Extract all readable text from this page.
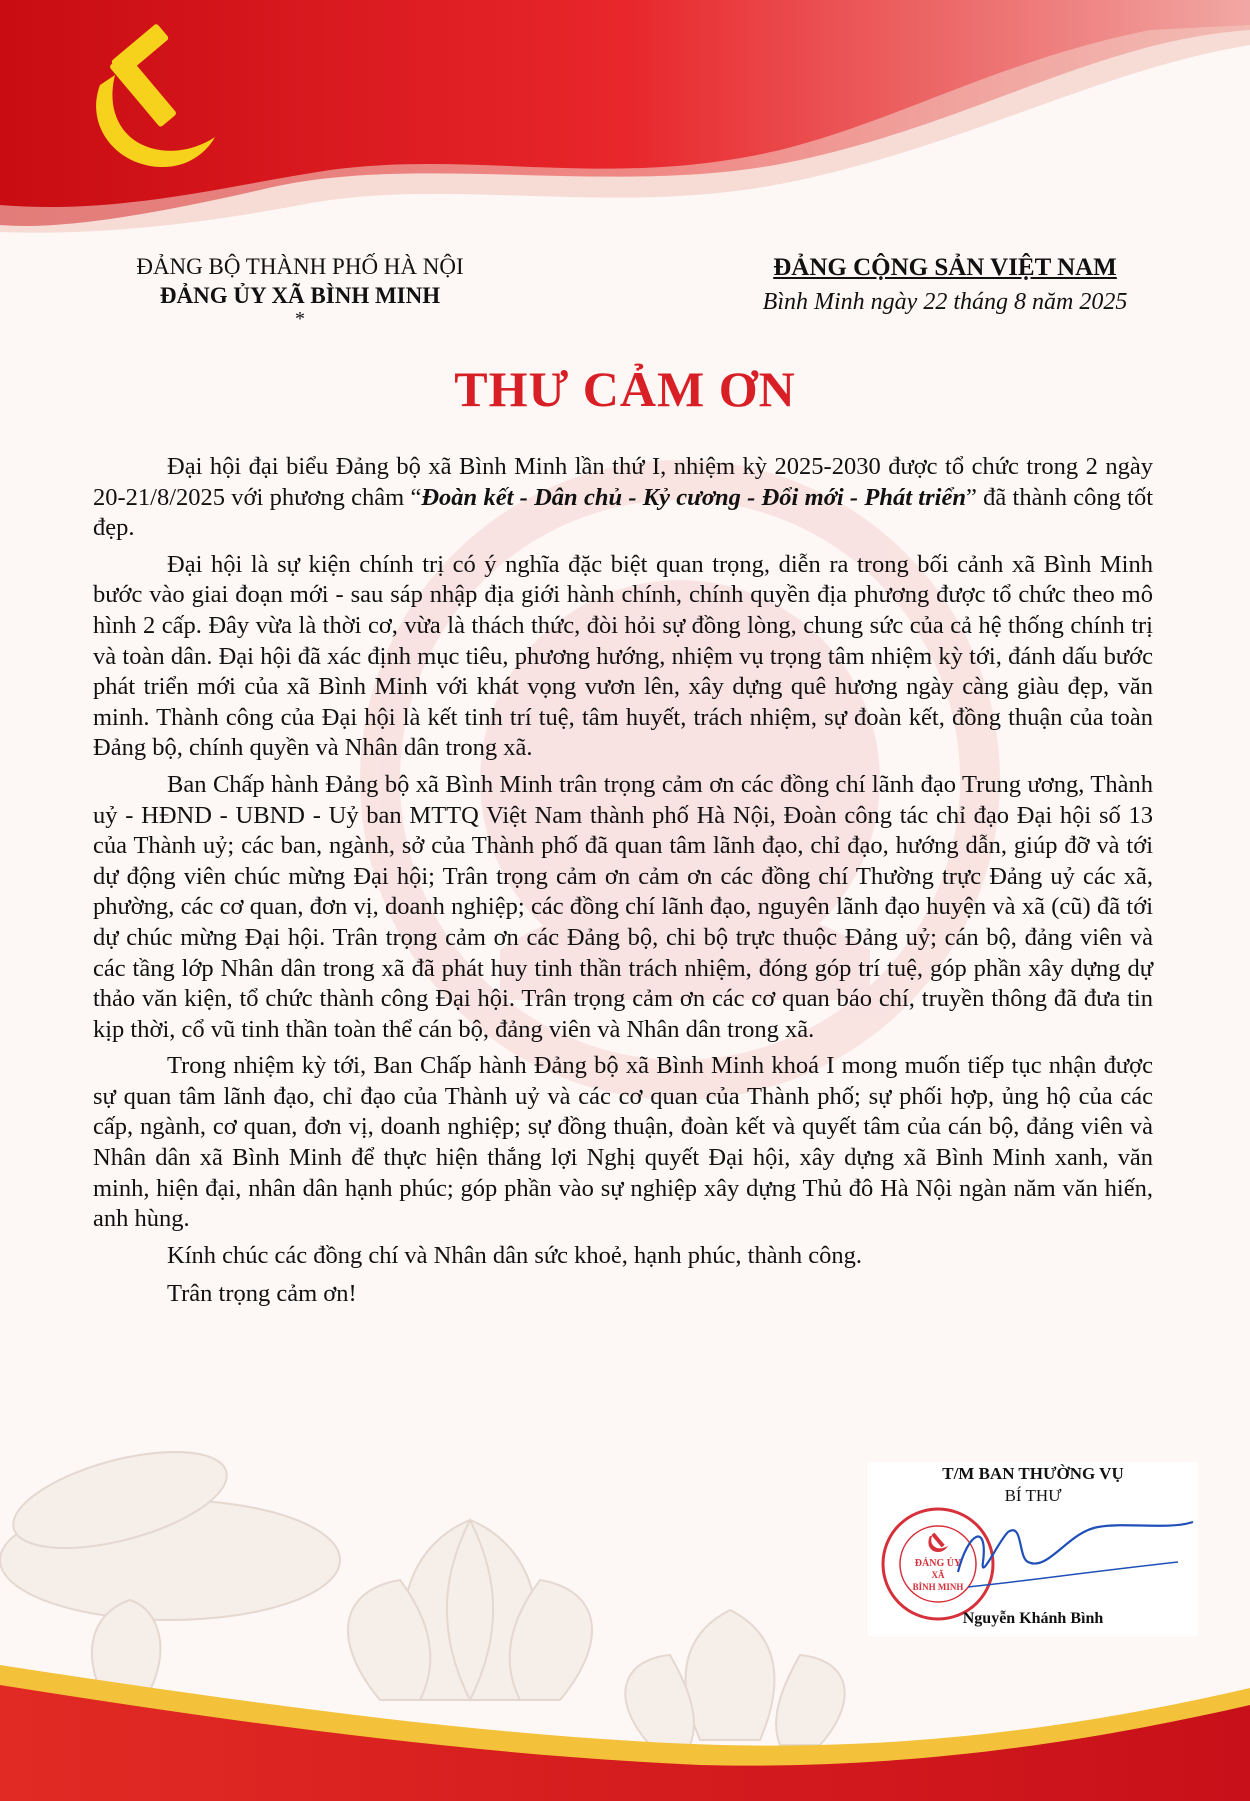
ĐẢNG BỘ THÀNH PHỐ HÀ NỘI
ĐẢNG ỦY XÃ BÌNH MINH
*
ĐẢNG CỘNG SẢN VIỆT NAM
Bình Minh ngày 22 tháng 8 năm 2025
THƯ CẢM ƠN

Đại hội đại biểu Đảng bộ xã Bình Minh lần thứ I, nhiệm kỳ 2025-2030 được tổ chức trong 2 ngày 20-21/8/2025 với phương châm “Đoàn kết - Dân chủ - Kỷ cương - Đổi mới - Phát triển” đã thành công tốt đẹp.

Đại hội là sự kiện chính trị có ý nghĩa đặc biệt quan trọng, diễn ra trong bối cảnh xã Bình Minh bước vào giai đoạn mới - sau sáp nhập địa giới hành chính, chính quyền địa phương được tổ chức theo mô hình 2 cấp. Đây vừa là thời cơ, vừa là thách thức, đòi hỏi sự đồng lòng, chung sức của cả hệ thống chính trị và toàn dân. Đại hội đã xác định mục tiêu, phương hướng, nhiệm vụ trọng tâm nhiệm kỳ tới, đánh dấu bước phát triển mới của xã Bình Minh với khát vọng vươn lên, xây dựng quê hương ngày càng giàu đẹp, văn minh. Thành công của Đại hội là kết tinh trí tuệ, tâm huyết, trách nhiệm, sự đoàn kết, đồng thuận của toàn Đảng bộ, chính quyền và Nhân dân trong xã.

Ban Chấp hành Đảng bộ xã Bình Minh trân trọng cảm ơn các đồng chí lãnh đạo Trung ương, Thành uỷ - HĐND - UBND - Uỷ ban MTTQ Việt Nam thành phố Hà Nội, Đoàn công tác chỉ đạo Đại hội số 13 của Thành uỷ; các ban, ngành, sở của Thành phố đã quan tâm lãnh đạo, chỉ đạo, hướng dẫn, giúp đỡ và tới dự động viên chúc mừng Đại hội; Trân trọng cảm ơn cảm ơn các đồng chí Thường trực Đảng uỷ các xã, phường, các cơ quan, đơn vị, doanh nghiệp; các đồng chí lãnh đạo, nguyên lãnh đạo huyện và xã (cũ) đã tới dự chúc mừng Đại hội. Trân trọng cảm ơn các Đảng bộ, chi bộ trực thuộc Đảng uỷ; cán bộ, đảng viên và các tầng lớp Nhân dân trong xã đã phát huy tinh thần trách nhiệm, đóng góp trí tuệ, góp phần xây dựng dự thảo văn kiện, tổ chức thành công Đại hội. Trân trọng cảm ơn các cơ quan báo chí, truyền thông đã đưa tin kịp thời, cổ vũ tinh thần toàn thể cán bộ, đảng viên và Nhân dân trong xã.

Trong nhiệm kỳ tới, Ban Chấp hành Đảng bộ xã Bình Minh khoá I mong muốn tiếp tục nhận được sự quan tâm lãnh đạo, chỉ đạo của Thành uỷ và các cơ quan của Thành phố; sự phối hợp, ủng hộ của các cấp, ngành, cơ quan, đơn vị, doanh nghiệp; sự đồng thuận, đoàn kết và quyết tâm của cán bộ, đảng viên và Nhân dân xã Bình Minh để thực hiện thắng lợi Nghị quyết Đại hội, xây dựng xã Bình Minh xanh, văn minh, hiện đại, nhân dân hạnh phúc; góp phần vào sự nghiệp xây dựng Thủ đô Hà Nội ngàn năm văn hiến, anh hùng.

Kính chúc các đồng chí và Nhân dân sức khoẻ, hạnh phúc, thành công.

Trân trọng cảm ơn!

T/M BAN THƯỜNG VỤ
BÍ THƯ
ĐẢNG ỦY
XÃ
BÌNH MINH
Nguyễn Khánh Bình
